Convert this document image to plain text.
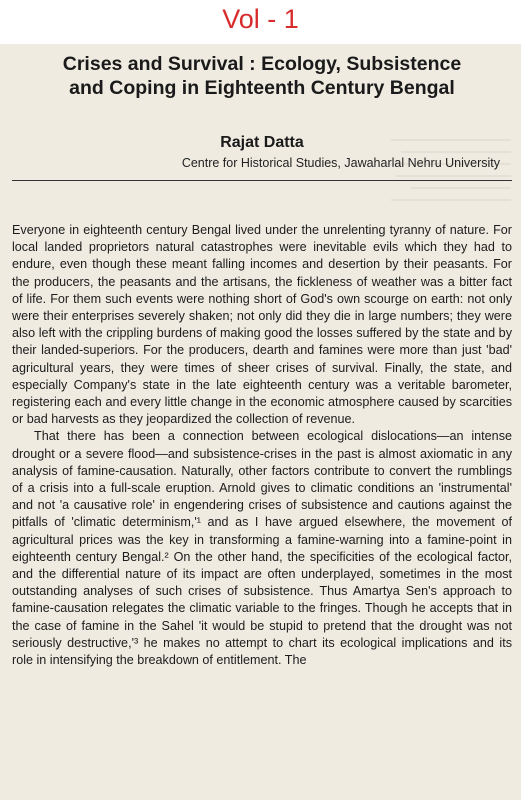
Vol - 1
Crises and Survival : Ecology, Subsistence
and Coping in Eighteenth Century Bengal
Rajat Datta
Centre for Historical Studies, Jawaharlal Nehru University

Everyone in eighteenth century Bengal lived under the unrelenting tyranny of nature. For local landed proprietors natural catastrophes were inevitable evils which they had to endure, even though these meant falling incomes and desertion by their peasants. For the producers, the peasants and the artisans, the fickleness of weather was a bitter fact of life. For them such events were nothing short of God's own scourge on earth: not only were their enterprises severely shaken; not only did they die in large numbers; they were also left with the crippling burdens of making good the losses suffered by the state and by their landed-superiors. For the producers, dearth and famines were more than just 'bad' agricultural years, they were times of sheer crises of survival. Finally, the state, and especially Company's state in the late eighteenth century was a veritable barometer, registering each and every little change in the economic atmosphere caused by scarcities or bad harvests as they jeopardized the collection of revenue.

That there has been a connection between ecological dislocations—an intense drought or a severe flood—and subsistence-crises in the past is almost axiomatic in any analysis of famine-causation. Naturally, other factors contribute to convert the rumblings of a crisis into a full-scale eruption. Arnold gives to climatic conditions an 'instrumental' and not 'a causative role' in engendering crises of subsistence and cautions against the pitfalls of 'climatic determinism,'¹ and as I have argued elsewhere, the movement of agricultural prices was the key in transforming a famine-warning into a famine-point in eighteenth century Bengal.² On the other hand, the specificities of the ecological factor, and the differential nature of its impact are often underplayed, sometimes in the most outstanding analyses of such crises of subsistence. Thus Amartya Sen's approach to famine-causation relegates the climatic variable to the fringes. Though he accepts that in the case of famine in the Sahel 'it would be stupid to pretend that the drought was not seriously destructive,'³ he makes no attempt to chart its ecological implications and its role in intensifying the breakdown of entitlement. The
